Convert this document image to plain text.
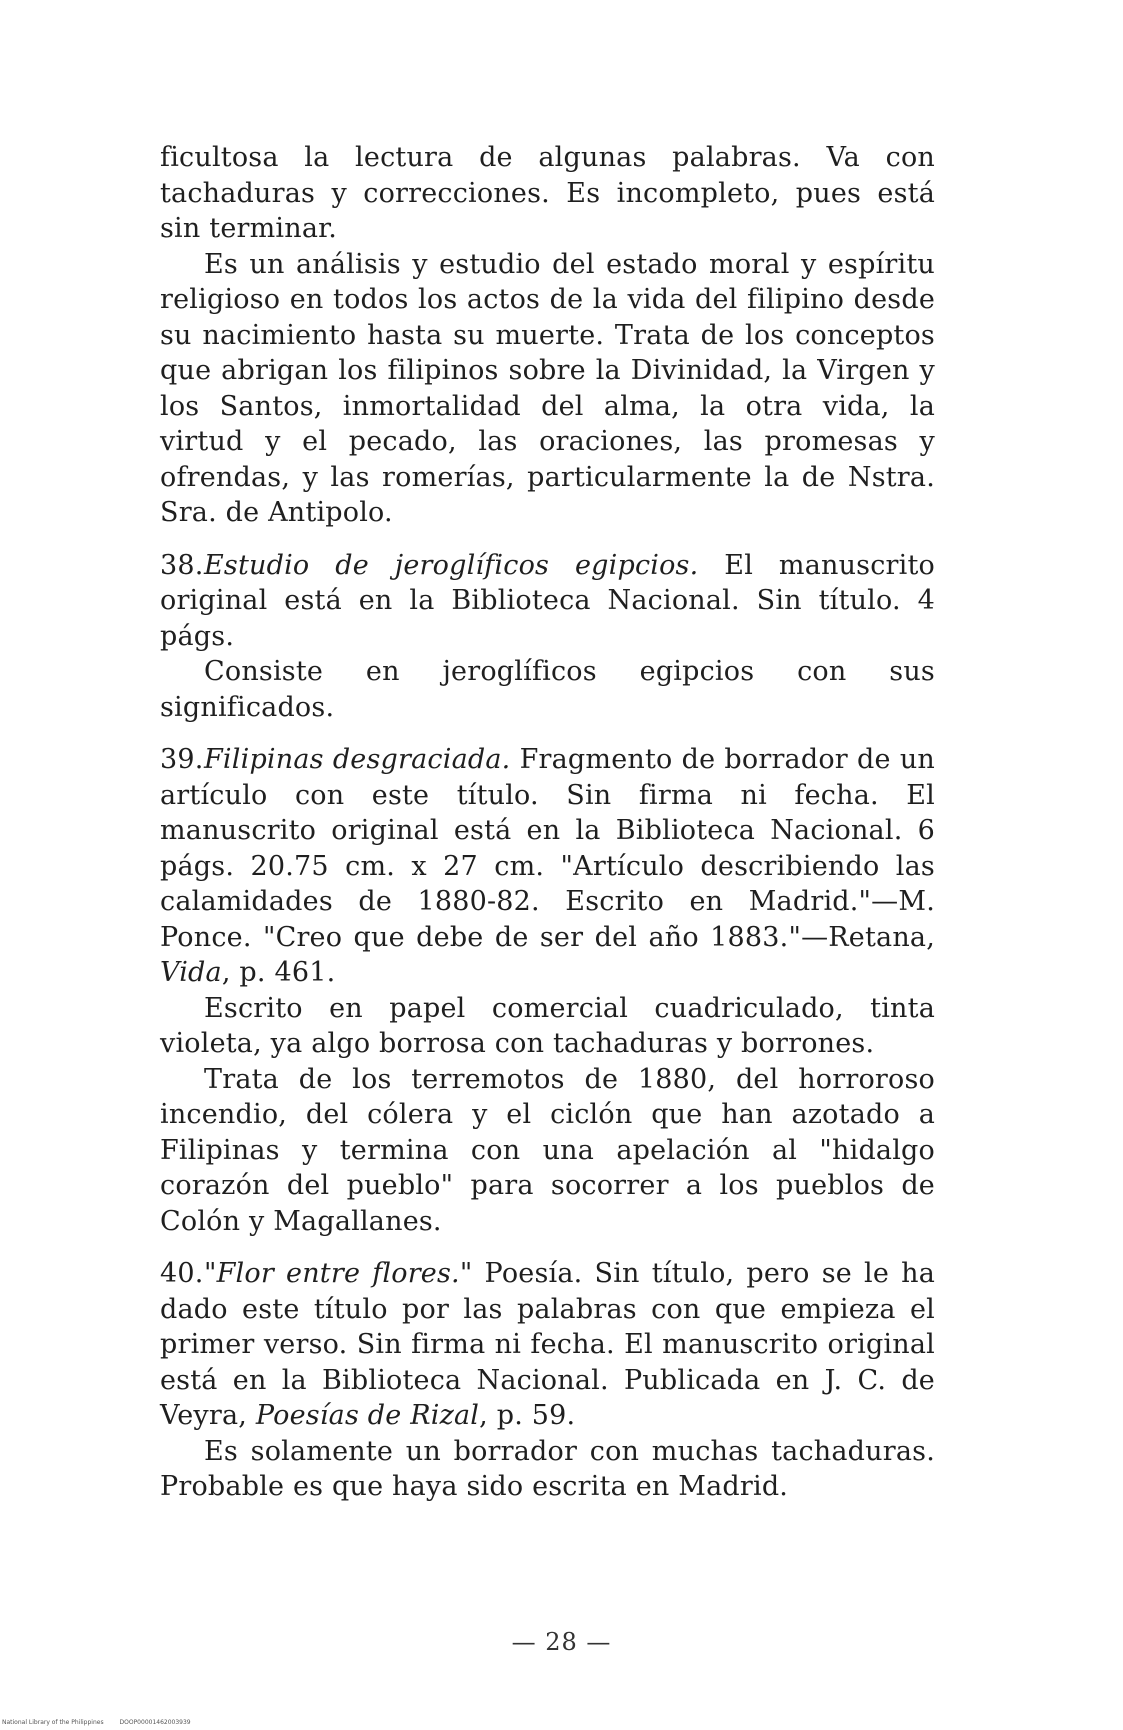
ficultosa la lectura de algunas palabras. Va con tachaduras y correcciones. Es incompleto, pues está sin terminar.

Es un análisis y estudio del estado moral y espíritu religioso en todos los actos de la vida del filipino desde su nacimiento hasta su muerte. Trata de los conceptos que abrigan los filipinos sobre la Divinidad, la Virgen y los Santos, inmortalidad del alma, la otra vida, la virtud y el pecado, las oraciones, las promesas y ofrendas, y las romerías, particularmente la de Nstra. Sra. de Antipolo.

38.Estudio de jeroglíficos egipcios. El manuscrito original está en la Biblioteca Nacional. Sin título. 4 págs.

Consiste en jeroglíficos egipcios con sus significados.

39.Filipinas desgraciada. Fragmento de borrador de un artículo con este título. Sin firma ni fecha. El manuscrito original está en la Biblioteca Nacional. 6 págs. 20.75 cm. x 27 cm. "Artículo describiendo las calamidades de 1880-82. Escrito en Madrid."—M. Ponce. "Creo que debe de ser del año 1883."—Retana, Vida, p. 461.

Escrito en papel comercial cuadriculado, tinta violeta, ya algo borrosa con tachaduras y borrones.

Trata de los terremotos de 1880, del horroroso incendio, del cólera y el ciclón que han azotado a Filipinas y termina con una apelación al "hidalgo corazón del pueblo" para socorrer a los pueblos de Colón y Magallanes.

40."Flor entre flores." Poesía. Sin título, pero se le ha dado este título por las palabras con que empieza el primer verso. Sin firma ni fecha. El manuscrito original está en la Biblioteca Nacional. Publicada en J. C. de Veyra, Poesías de Rizal, p. 59.

Es solamente un borrador con muchas tachaduras. Probable es que haya sido escrita en Madrid.

— 28 —
National Library of the Philippines	DOOP00001462003939
